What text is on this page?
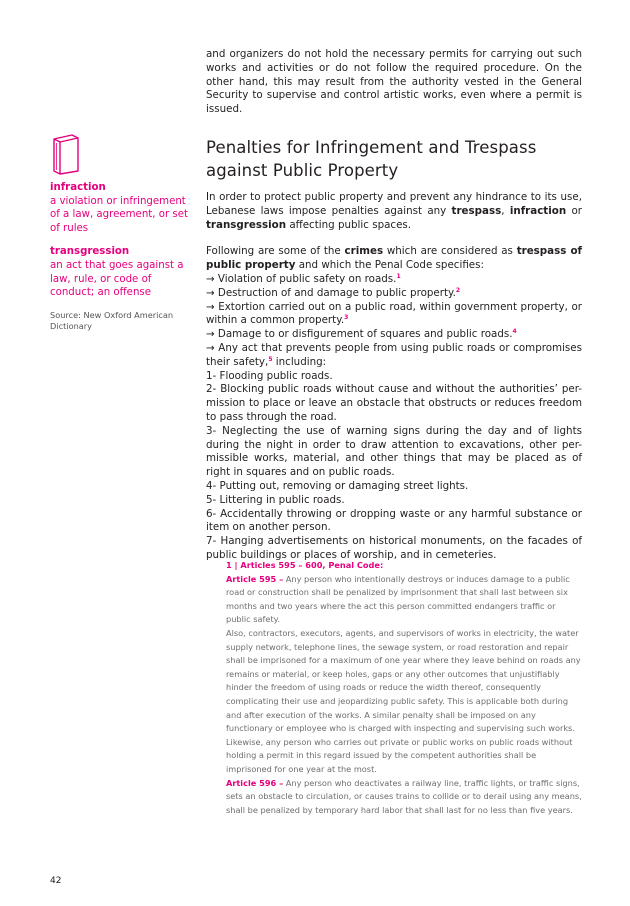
infraction
a violation or infringement of a law, agreement, or set of rules
transgression
an act that goes against a law, rule, or code of conduct; an offense
Source: New Oxford American Dictionary

and organizers do not hold the necessary permits for carrying out such works and activities or do not follow the required procedure. On the other hand, this may result from the authority vested in the General Security to supervise and control artistic works, even where a permit is issued.

Penalties for Infringement and Trespass against Public Property

In order to protect public property and prevent any hindrance to its use, Lebanese laws impose penalties against any trespass, infraction or transgression affecting public spaces.

Following are some of the crimes which are considered as trespass of public property and which the Penal Code specifies:

→ Violation of public safety on roads.$^1$
→ Destruction of and damage to public property.$^2$
→ Extortion carried out on a public road, within government property, or within a common property.$^3$
→ Damage to or disfigurement of squares and public roads.$^4$
→ Any act that prevents people from using public roads or compromises their safety,$^5$ including:
1- Flooding public roads.
2- Blocking public roads without cause and without the authorities’ per-mission to place or leave an obstacle that obstructs or reduces freedom to pass through the road.
3- Neglecting the use of warning signs during the day and of lights during the night in order to draw attention to excavations, other per-missible works, material, and other things that may be placed as of right in squares and on public roads.
4- Putting out, removing or damaging street lights.
5- Littering in public roads.
6- Accidentally throwing or dropping waste or any harmful substance or item on another person.
7- Hanging advertisements on historical monuments, on the facades of public buildings or places of worship, and in cemeteries.
1 | Articles 595 – 600, Penal Code:

Article 595 – Any person who intentionally destroys or induces damage to a public road or construction shall be penalized by imprisonment that shall last between six months and two years where the act this person committed endangers traffic or public safety.

Also, contractors, executors, agents, and supervisors of works in electricity, the water supply network, telephone lines, the sewage system, or road restoration and repair shall be imprisoned for a maximum of one year where they leave behind on roads any remains or material, or keep holes, gaps or any other outcomes that unjustifiably hinder the freedom of using roads or reduce the width thereof, consequently complicating their use and jeopardizing public safety. This is applicable both during and after execution of the works. A similar penalty shall be imposed on any functionary or employee who is charged with inspecting and supervising such works.

Likewise, any person who carries out private or public works on public roads without holding a permit in this regard issued by the competent authorities shall be imprisoned for one year at the most.

Article 596 – Any person who deactivates a railway line, traffic lights, or traffic signs, sets an obstacle to circulation, or causes trains to collide or to derail using any means, shall be penalized by temporary hard labor that shall last for no less than five years.

42
